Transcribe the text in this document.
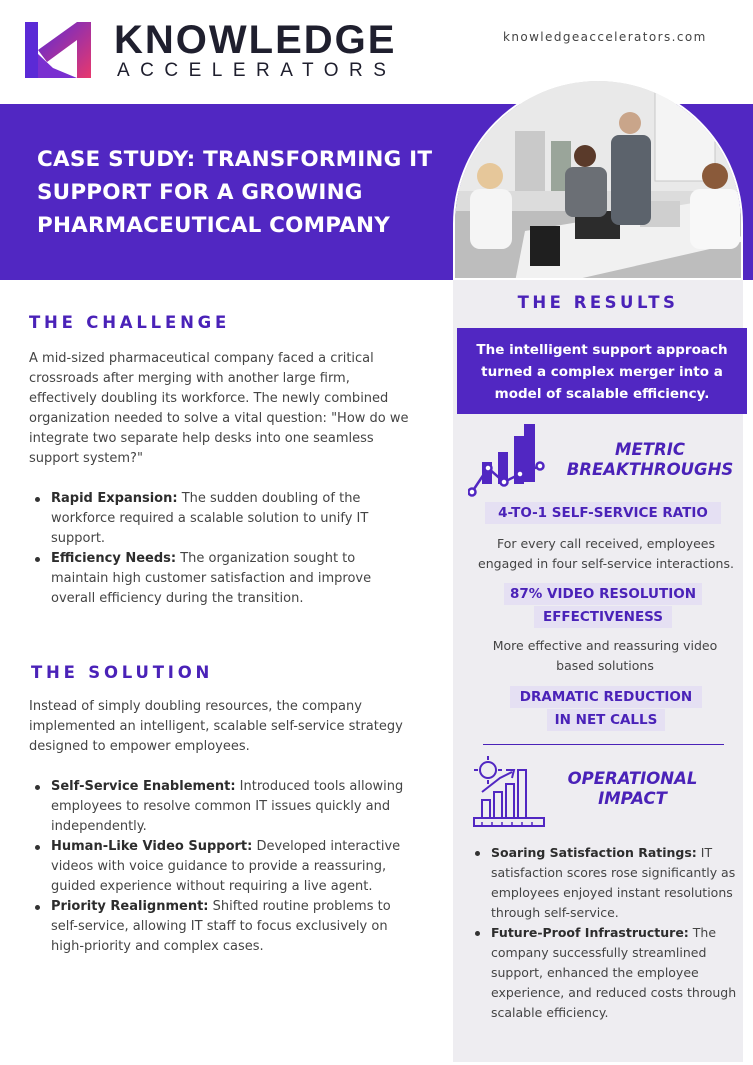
KNOWLEDGE
ACCELERATORS
knowledgeaccelerators.com
CASE STUDY: TRANSFORMING IT SUPPORT FOR A GROWING PHARMACEUTICAL COMPANY
THE RESULTS
The intelligent support approach turned a complex merger into a model of scalable efficiency.
METRIC BREAKTHROUGHS
4-TO-1 SELF-SERVICE RATIO
For every call received, employees engaged in four self-service interactions.
87% VIDEO RESOLUTION
EFFECTIVENESS
More effective and reassuring video based solutions
DRAMATIC REDUCTION
IN NET CALLS
OPERATIONAL IMPACT
Soaring Satisfaction Ratings: IT satisfaction scores rose significantly as employees enjoyed instant resolutions through self-service.
Future-Proof Infrastructure: The company successfully streamlined support, enhanced the employee experience, and reduced costs through scalable efficiency.
THE CHALLENGE
A mid-sized pharmaceutical company faced a critical crossroads after merging with another large firm, effectively doubling its workforce. The newly combined organization needed to solve a vital question: "How do we integrate two separate help desks into one seamless support system?"
Rapid Expansion: The sudden doubling of the workforce required a scalable solution to unify IT support.
Efficiency Needs: The organization sought to maintain high customer satisfaction and improve overall efficiency during the transition.
THE SOLUTION
Instead of simply doubling resources, the company implemented an intelligent, scalable self-service strategy designed to empower employees.
Self-Service Enablement: Introduced tools allowing employees to resolve common IT issues quickly and independently.
Human-Like Video Support: Developed interactive videos with voice guidance to provide a reassuring, guided experience without requiring a live agent.
Priority Realignment: Shifted routine problems to self-service, allowing IT staff to focus exclusively on high-priority and complex cases.
